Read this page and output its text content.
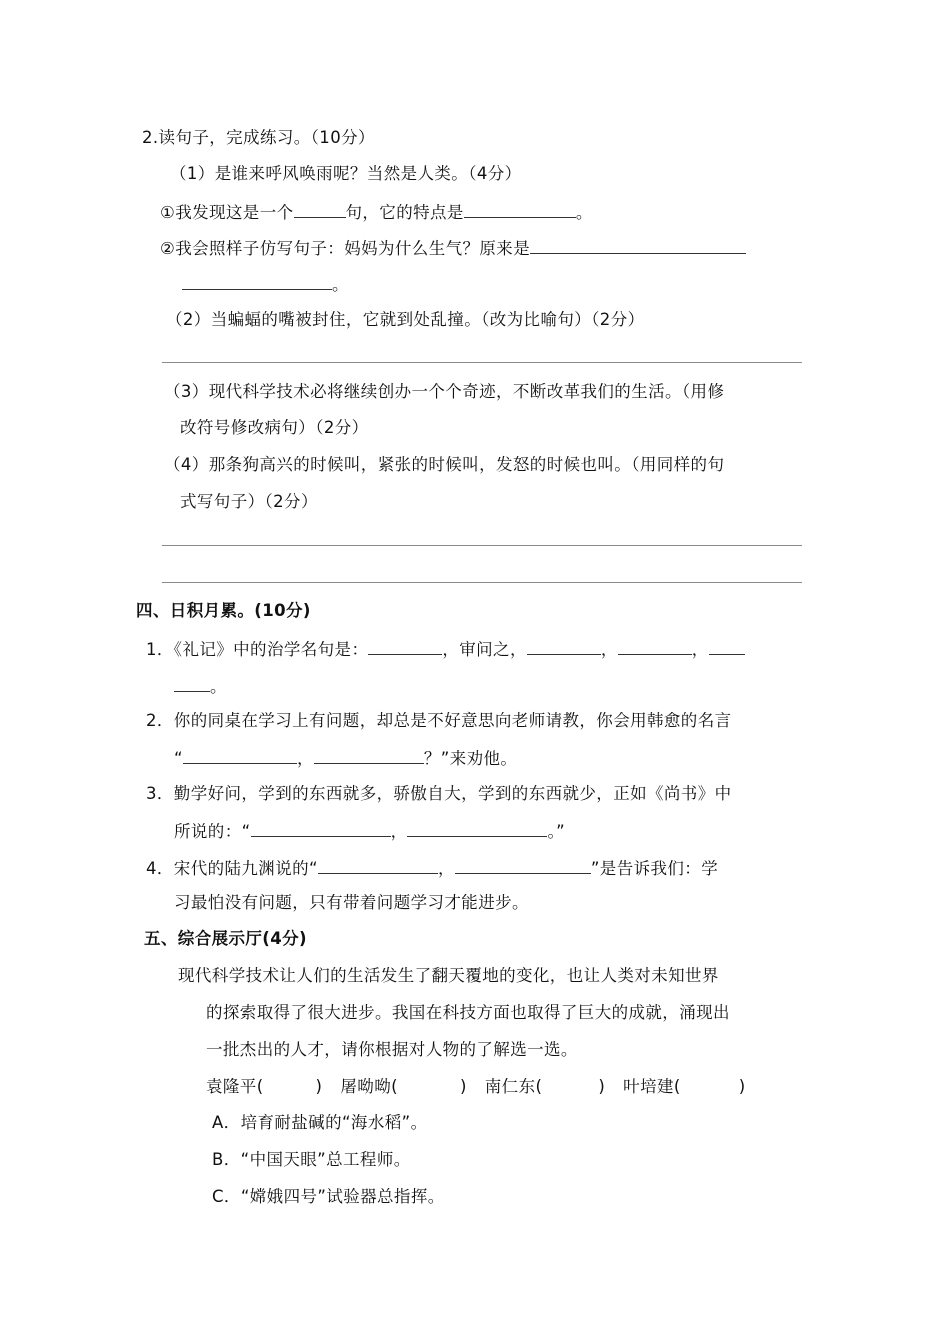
2.读句子，完成练习。（10分）
（1）是谁来呼风唤雨呢？当然是人类。（4分）
①我发现这是一个	句，它的特点是	。
②我会照样子仿写句子：妈妈为什么生气？原来是
。
（2）当蝙蝠的嘴被封住，它就到处乱撞。（改为比喻句）（2分）
（3）现代科学技术必将继续创办一个个奇迹，不断改革我们的生活。（用修
改符号修改病句）（2分）
（4）那条狗高兴的时候叫，紧张的时候叫，发怒的时候也叫。（用同样的句
式写句子）（2分）
四、日积月累。(10分)
1．《礼记》中的治学名句是：	，审问之，	，	，
。
2．你的同桌在学习上有问题，却总是不好意思向老师请教，你会用韩愈的名言
“	，	？”来劝他。
3．勤学好问，学到的东西就多，骄傲自大，学到的东西就少，正如《尚书》中
所说的：“	，	。”
4．宋代的陆九渊说的“	，	”是告诉我们：学
习最怕没有问题，只有带着问题学习才能进步。
五、综合展示厅(4分)
现代科学技术让人们的生活发生了翻天覆地的变化，也让人类对未知世界
的探索取得了很大进步。我国在科技方面也取得了巨大的成就，涌现出
一批杰出的人才，请你根据对人物的了解选一选。
袁隆平(	) 屠呦呦(	) 南仁东(	) 叶培建(	)
A．培育耐盐碱的“海水稻”。
B．“中国天眼”总工程师。
C．“嫦娥四号”试验器总指挥。
